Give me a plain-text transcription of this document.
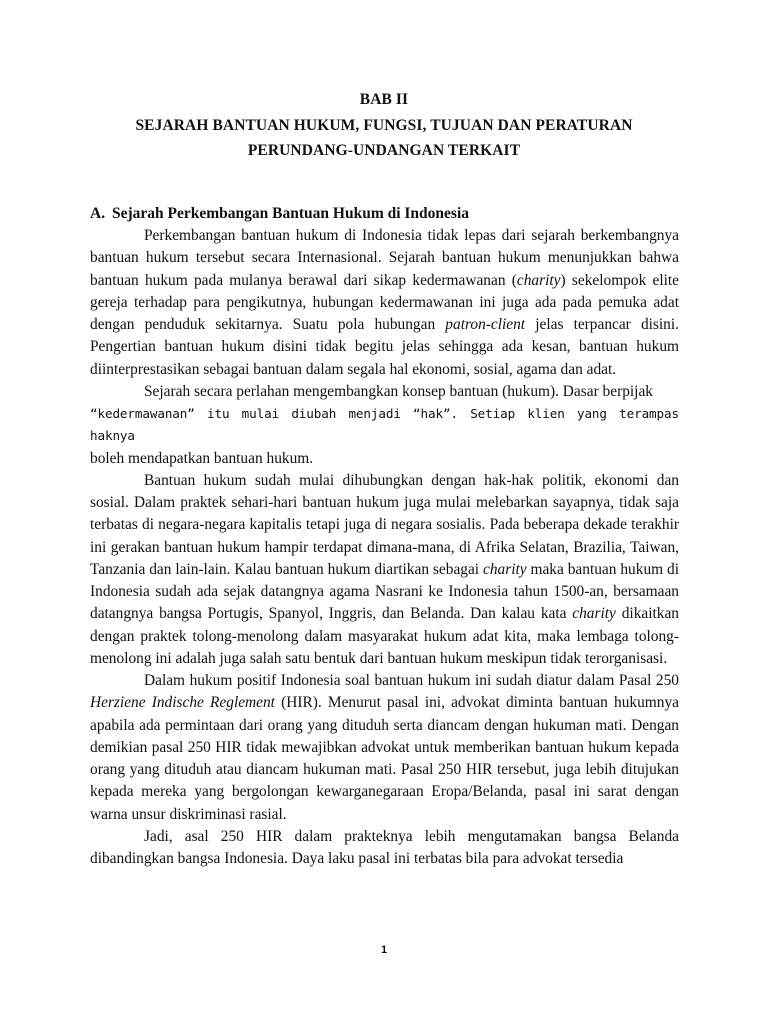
BAB II
SEJARAH BANTUAN HUKUM, FUNGSI, TUJUAN DAN PERATURAN
PERUNDANG-UNDANGAN TERKAIT
A. Sejarah Perkembangan Bantuan Hukum di Indonesia

Perkembangan bantuan hukum di Indonesia tidak lepas dari sejarah berkembangnya bantuan hukum tersebut secara Internasional. Sejarah bantuan hukum menunjukkan bahwa bantuan hukum pada mulanya berawal dari sikap kedermawanan (charity) sekelompok elite gereja terhadap para pengikutnya, hubungan kedermawanan ini juga ada pada pemuka adat dengan penduduk sekitarnya. Suatu pola hubungan patron-client jelas terpancar disini. Pengertian bantuan hukum disini tidak begitu jelas sehingga ada kesan, bantuan hukum diinterprestasikan sebagai bantuan dalam segala hal ekonomi, sosial, agama dan adat.

Sejarah secara perlahan mengembangkan konsep bantuan (hukum). Dasar berpijak

“kedermawanan” itu mulai diubah menjadi “hak”. Setiap klien yang terampas haknya

boleh mendapatkan bantuan hukum.

Bantuan hukum sudah mulai dihubungkan dengan hak-hak politik, ekonomi dan sosial. Dalam praktek sehari-hari bantuan hukum juga mulai melebarkan sayapnya, tidak saja terbatas di negara-negara kapitalis tetapi juga di negara sosialis. Pada beberapa dekade terakhir ini gerakan bantuan hukum hampir terdapat dimana-mana, di Afrika Selatan, Brazilia, Taiwan, Tanzania dan lain-lain. Kalau bantuan hukum diartikan sebagai charity maka bantuan hukum di Indonesia sudah ada sejak datangnya agama Nasrani ke Indonesia tahun 1500-an, bersamaan datangnya bangsa Portugis, Spanyol, Inggris, dan Belanda. Dan kalau kata charity dikaitkan dengan praktek tolong-menolong dalam masyarakat hukum adat kita, maka lembaga tolong-menolong ini adalah juga salah satu bentuk dari bantuan hukum meskipun tidak terorganisasi.

Dalam hukum positif Indonesia soal bantuan hukum ini sudah diatur dalam Pasal 250 Herziene Indische Reglement (HIR). Menurut pasal ini, advokat diminta bantuan hukumnya apabila ada permintaan dari orang yang dituduh serta diancam dengan hukuman mati. Dengan demikian pasal 250 HIR tidak mewajibkan advokat untuk memberikan bantuan hukum kepada orang yang dituduh atau diancam hukuman mati. Pasal 250 HIR tersebut, juga lebih ditujukan kepada mereka yang bergolongan kewarganegaraan Eropa/Belanda, pasal ini sarat dengan warna unsur diskriminasi rasial.

Jadi, asal 250 HIR dalam prakteknya lebih mengutamakan bangsa Belanda dibandingkan bangsa Indonesia. Daya laku pasal ini terbatas bila para advokat tersedia

1
